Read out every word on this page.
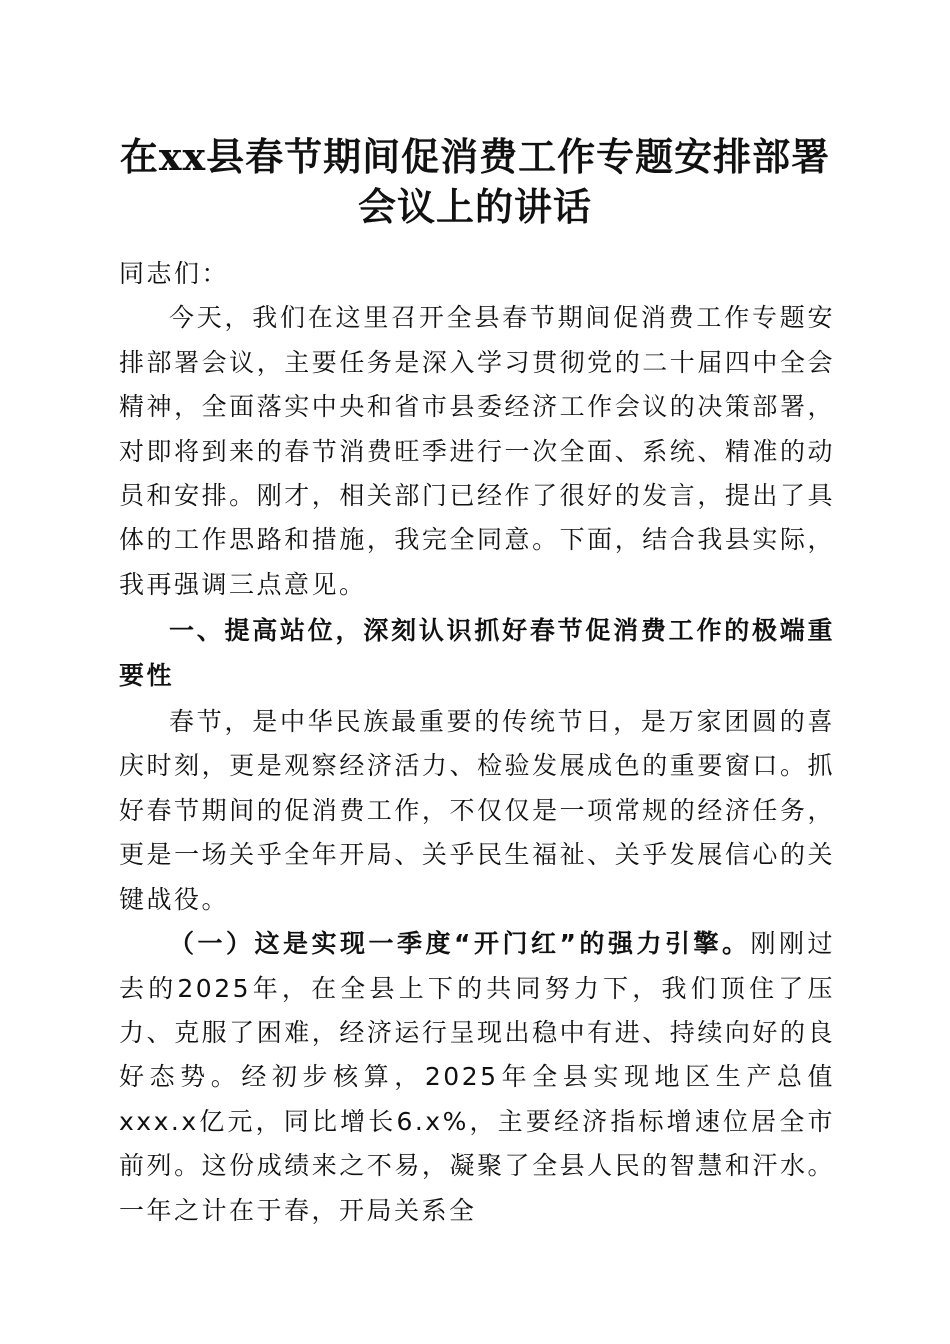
在xx县春节期间促消费工作专题安排部署会议上的讲话

同志们：

今天，我们在这里召开全县春节期间促消费工作专题安排部署会议，主要任务是深入学习贯彻党的二十届四中全会精神，全面落实中央和省市县委经济工作会议的决策部署，对即将到来的春节消费旺季进行一次全面、系统、精准的动员和安排。刚才，相关部门已经作了很好的发言，提出了具体的工作思路和措施，我完全同意。下面，结合我县实际，我再强调三点意见。

一、提高站位，深刻认识抓好春节促消费工作的极端重要性

春节，是中华民族最重要的传统节日，是万家团圆的喜庆时刻，更是观察经济活力、检验发展成色的重要窗口。抓好春节期间的促消费工作，不仅仅是一项常规的经济任务，更是一场关乎全年开局、关乎民生福祉、关乎发展信心的关键战役。

（一）这是实现一季度“开门红”的强力引擎。刚刚过去的2025年，在全县上下的共同努力下，我们顶住了压力、克服了困难，经济运行呈现出稳中有进、持续向好的良好态势。经初步核算，2025年全县实现地区生产总值xxx.x亿元，同比增长6.x%，主要经济指标增速位居全市前列。这份成绩来之不易，凝聚了全县人民的智慧和汗水。一年之计在于春，开局关系全
